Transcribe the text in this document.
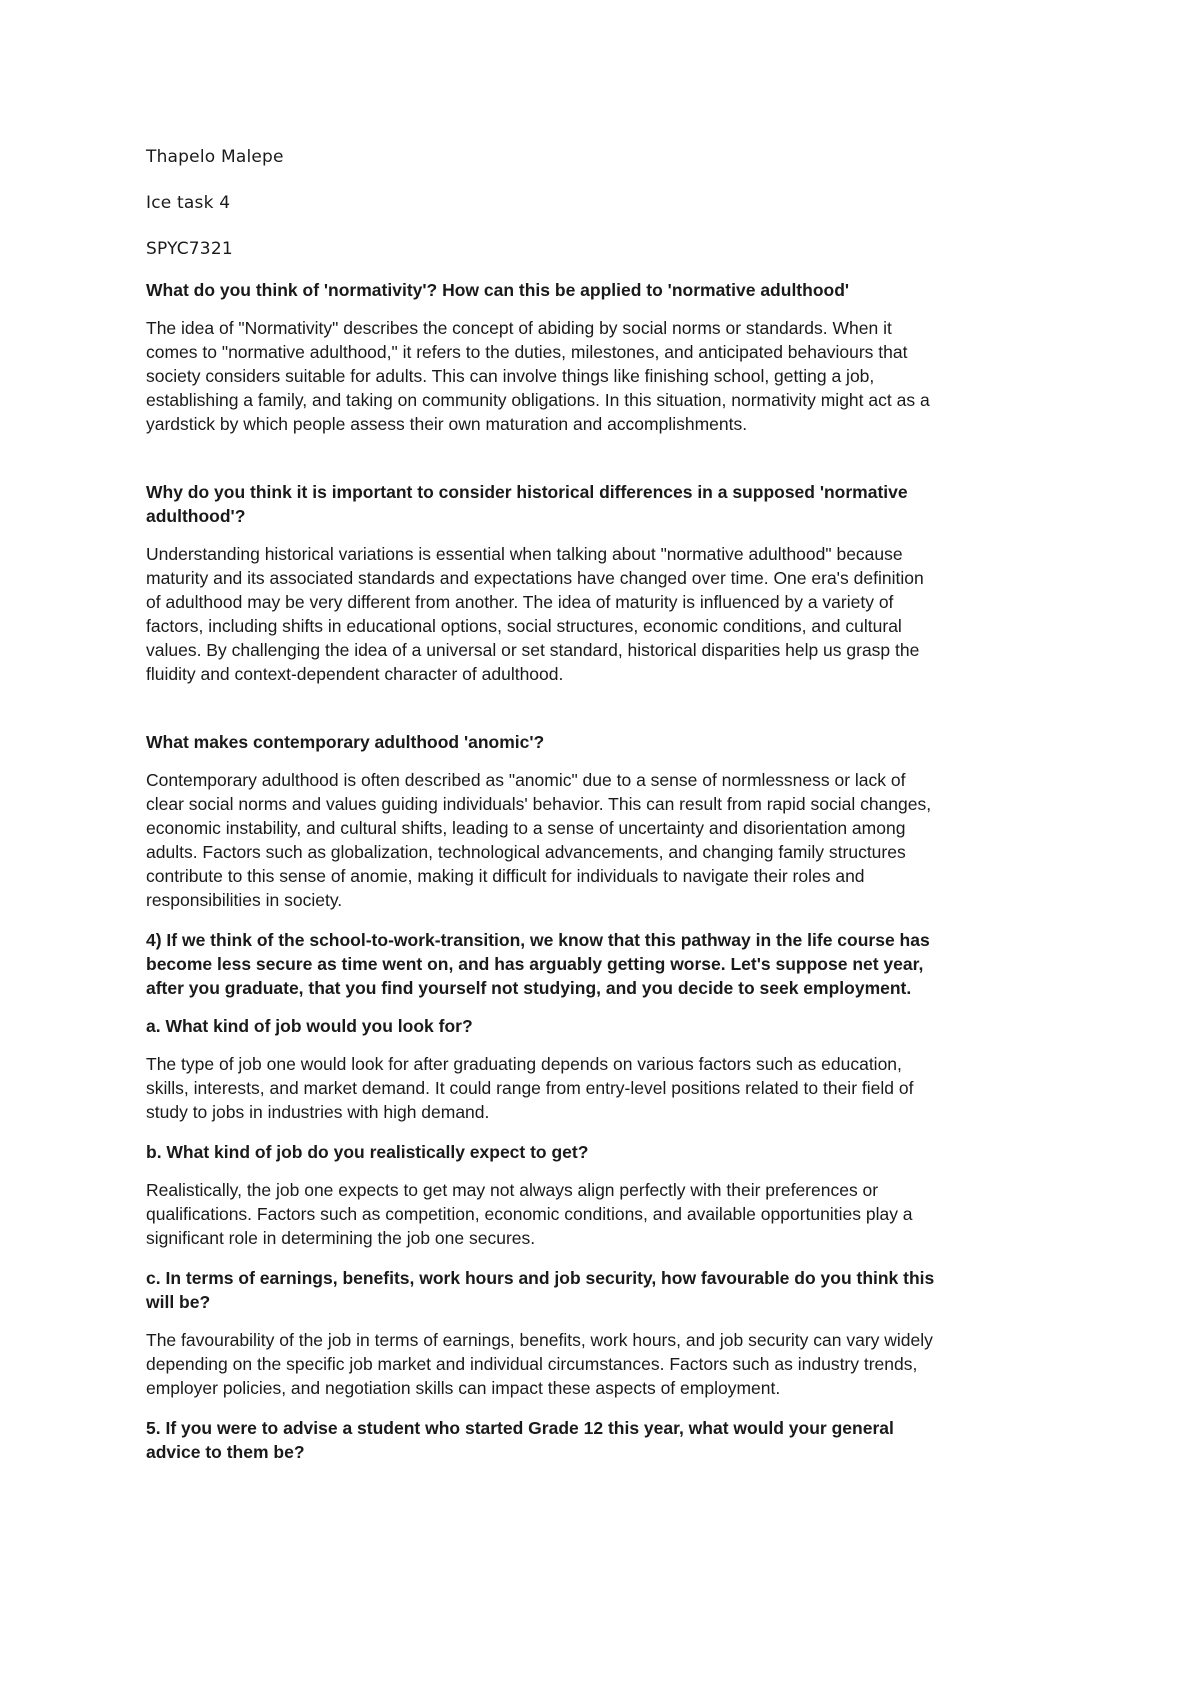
Thapelo Malepe
Ice task 4
SPYC7321
What do you think of 'normativity'? How can this be applied to 'normative adulthood'
The idea of "Normativity" describes the concept of abiding by social norms or standards. When it
comes to "normative adulthood," it refers to the duties, milestones, and anticipated behaviours that
society considers suitable for adults. This can involve things like finishing school, getting a job,
establishing a family, and taking on community obligations. In this situation, normativity might act as a
yardstick by which people assess their own maturation and accomplishments.
Why do you think it is important to consider historical differences in a supposed 'normative
adulthood'?
Understanding historical variations is essential when talking about "normative adulthood" because
maturity and its associated standards and expectations have changed over time. One era's definition
of adulthood may be very different from another. The idea of maturity is influenced by a variety of
factors, including shifts in educational options, social structures, economic conditions, and cultural
values. By challenging the idea of a universal or set standard, historical disparities help us grasp the
fluidity and context-dependent character of adulthood.
What makes contemporary adulthood 'anomic'?
Contemporary adulthood is often described as "anomic" due to a sense of normlessness or lack of
clear social norms and values guiding individuals' behavior. This can result from rapid social changes,
economic instability, and cultural shifts, leading to a sense of uncertainty and disorientation among
adults. Factors such as globalization, technological advancements, and changing family structures
contribute to this sense of anomie, making it difficult for individuals to navigate their roles and
responsibilities in society.
4) If we think of the school-to-work-transition, we know that this pathway in the life course has
become less secure as time went on, and has arguably getting worse. Let's suppose net year,
after you graduate, that you find yourself not studying, and you decide to seek employment.
a. What kind of job would you look for?
The type of job one would look for after graduating depends on various factors such as education,
skills, interests, and market demand. It could range from entry-level positions related to their field of
study to jobs in industries with high demand.
b. What kind of job do you realistically expect to get?
Realistically, the job one expects to get may not always align perfectly with their preferences or
qualifications. Factors such as competition, economic conditions, and available opportunities play a
significant role in determining the job one secures.
c. In terms of earnings, benefits, work hours and job security, how favourable do you think this
will be?
The favourability of the job in terms of earnings, benefits, work hours, and job security can vary widely
depending on the specific job market and individual circumstances. Factors such as industry trends,
employer policies, and negotiation skills can impact these aspects of employment.
5. If you were to advise a student who started Grade 12 this year, what would your general
advice to them be?
